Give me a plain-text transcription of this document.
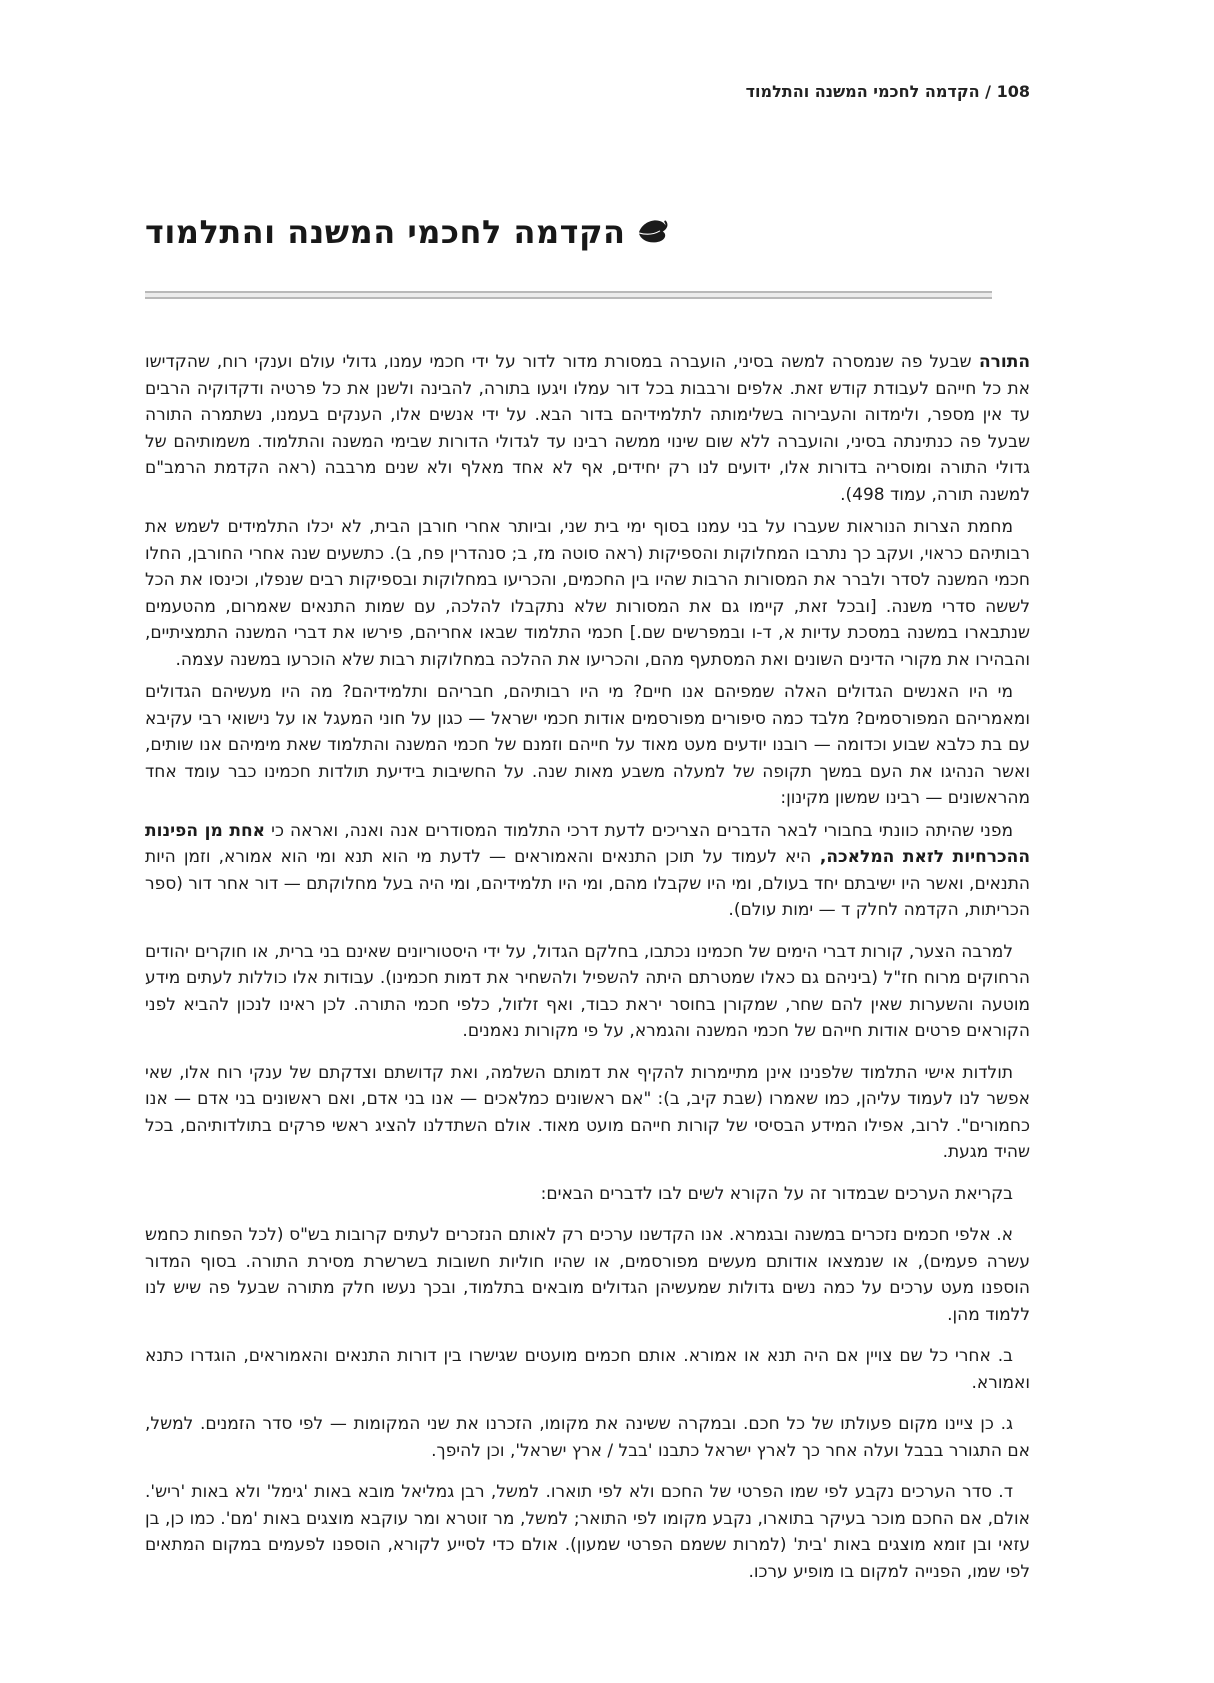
108 / הקדמה לחכמי המשנה והתלמוד
הקדמה לחכמי המשנה והתלמוד

התורה שבעל פה שנמסרה למשה בסיני, הועברה במסורת מדור לדור על ידי חכמי עמנו, גדולי עולם וענקי רוח, שהקדישו את כל חייהם לעבודת קודש זאת. אלפים ורבבות בכל דור עמלו ויגעו בתורה, להבינה ולשנן את כל פרטיה ודקדוקיה הרבים עד אין מספר, ולימדוה והעבירוה בשלימותה לתלמידיהם בדור הבא. על ידי אנשים אלו, הענקים בעמנו, נשתמרה התורה שבעל פה כנתינתה בסיני, והועברה ללא שום שינוי ממשה רבינו עד לגדולי הדורות שבימי המשנה והתלמוד. משמותיהם של גדולי התורה ומוסריה בדורות אלו, ידועים לנו רק יחידים, אף לא אחד מאלף ולא שנים מרבבה (ראה הקדמת הרמב"ם למשנה תורה, עמוד 498).

מחמת הצרות הנוראות שעברו על בני עמנו בסוף ימי בית שני, וביותר אחרי חורבן הבית, לא יכלו התלמידים לשמש את רבותיהם כראוי, ועקב כך נתרבו המחלוקות והספיקות (ראה סוטה מז, ב; סנהדרין פח, ב). כתשעים שנה אחרי החורבן, החלו חכמי המשנה לסדר ולברר את המסורות הרבות שהיו בין החכמים, והכריעו במחלוקות ובספיקות רבים שנפלו, וכינסו את הכל לששה סדרי משנה. [ובכל זאת, קיימו גם את המסורות שלא נתקבלו להלכה, עם שמות התנאים שאמרום, מהטעמים שנתבארו במשנה במסכת עדיות א, ד-ו ובמפרשים שם.] חכמי התלמוד שבאו אחריהם, פירשו את דברי המשנה התמציתיים, והבהירו את מקורי הדינים השונים ואת המסתעף מהם, והכריעו את ההלכה במחלוקות רבות שלא הוכרעו במשנה עצמה.

מי היו האנשים הגדולים האלה שמפיהם אנו חיים? מי היו רבותיהם, חבריהם ותלמידיהם? מה היו מעשיהם הגדולים ומאמריהם המפורסמים? מלבד כמה סיפורים מפורסמים אודות חכמי ישראל — כגון על חוני המעגל או על נישואי רבי עקיבא עם בת כלבא שבוע וכדומה — רובנו יודעים מעט מאוד על חייהם וזמנם של חכמי המשנה והתלמוד שאת מימיהם אנו שותים, ואשר הנהיגו את העם במשך תקופה של למעלה משבע מאות שנה. על החשיבות בידיעת תולדות חכמינו כבר עומד אחד מהראשונים — רבינו שמשון מקינון:

מפני שהיתה כוונתי בחבורי לבאר הדברים הצריכים לדעת דרכי התלמוד המסודרים אנה ואנה, ואראה כי אחת מן הפינות ההכרחיות לזאת המלאכה, היא לעמוד על תוכן התנאים והאמוראים — לדעת מי הוא תנא ומי הוא אמורא, וזמן היות התנאים, ואשר היו ישיבתם יחד בעולם, ומי היו שקבלו מהם, ומי היו תלמידיהם, ומי היה בעל מחלוקתם — דור אחר דור (ספר הכריתות, הקדמה לחלק ד — ימות עולם).

למרבה הצער, קורות דברי הימים של חכמינו נכתבו, בחלקם הגדול, על ידי היסטוריונים שאינם בני ברית, או חוקרים יהודים הרחוקים מרוח חז"ל (ביניהם גם כאלו שמטרתם היתה להשפיל ולהשחיר את דמות חכמינו). עבודות אלו כוללות לעתים מידע מוטעה והשערות שאין להם שחר, שמקורן בחוסר יראת כבוד, ואף זלזול, כלפי חכמי התורה. לכן ראינו לנכון להביא לפני הקוראים פרטים אודות חייהם של חכמי המשנה והגמרא, על פי מקורות נאמנים.

תולדות אישי התלמוד שלפנינו אינן מתיימרות להקיף את דמותם השלמה, ואת קדושתם וצדקתם של ענקי רוח אלו, שאי אפשר לנו לעמוד עליהן, כמו שאמרו (שבת קיב, ב): "אם ראשונים כמלאכים — אנו בני אדם, ואם ראשונים בני אדם — אנו כחמורים". לרוב, אפילו המידע הבסיסי של קורות חייהם מועט מאוד. אולם השתדלנו להציג ראשי פרקים בתולדותיהם, בכל שהיד מגעת.

בקריאת הערכים שבמדור זה על הקורא לשים לבו לדברים הבאים:

א. אלפי חכמים נזכרים במשנה ובגמרא. אנו הקדשנו ערכים רק לאותם הנזכרים לעתים קרובות בש"ס (לכל הפחות כחמש עשרה פעמים), או שנמצאו אודותם מעשים מפורסמים, או שהיו חוליות חשובות בשרשרת מסירת התורה. בסוף המדור הוספנו מעט ערכים על כמה נשים גדולות שמעשיהן הגדולים מובאים בתלמוד, ובכך נעשו חלק מתורה שבעל פה שיש לנו ללמוד מהן.

ב. אחרי כל שם צויין אם היה תנא או אמורא. אותם חכמים מועטים שגישרו בין דורות התנאים והאמוראים, הוגדרו כתנא ואמורא.

ג. כן ציינו מקום פעולתו של כל חכם. ובמקרה ששינה את מקומו, הזכרנו את שני המקומות — לפי סדר הזמנים. למשל, אם התגורר בבבל ועלה אחר כך לארץ ישראל כתבנו 'בבל / ארץ ישראל', וכן להיפך.

ד. סדר הערכים נקבע לפי שמו הפרטי של החכם ולא לפי תוארו. למשל, רבן גמליאל מובא באות 'גימל' ולא באות 'ריש'. אולם, אם החכם מוכר בעיקר בתוארו, נקבע מקומו לפי התואר; למשל, מר זוטרא ומר עוקבא מוצגים באות 'מם'. כמו כן, בן עזאי ובן זומא מוצגים באות 'בית' (למרות ששמם הפרטי שמעון). אולם כדי לסייע לקורא, הוספנו לפעמים במקום המתאים לפי שמו, הפנייה למקום בו מופיע ערכו.
